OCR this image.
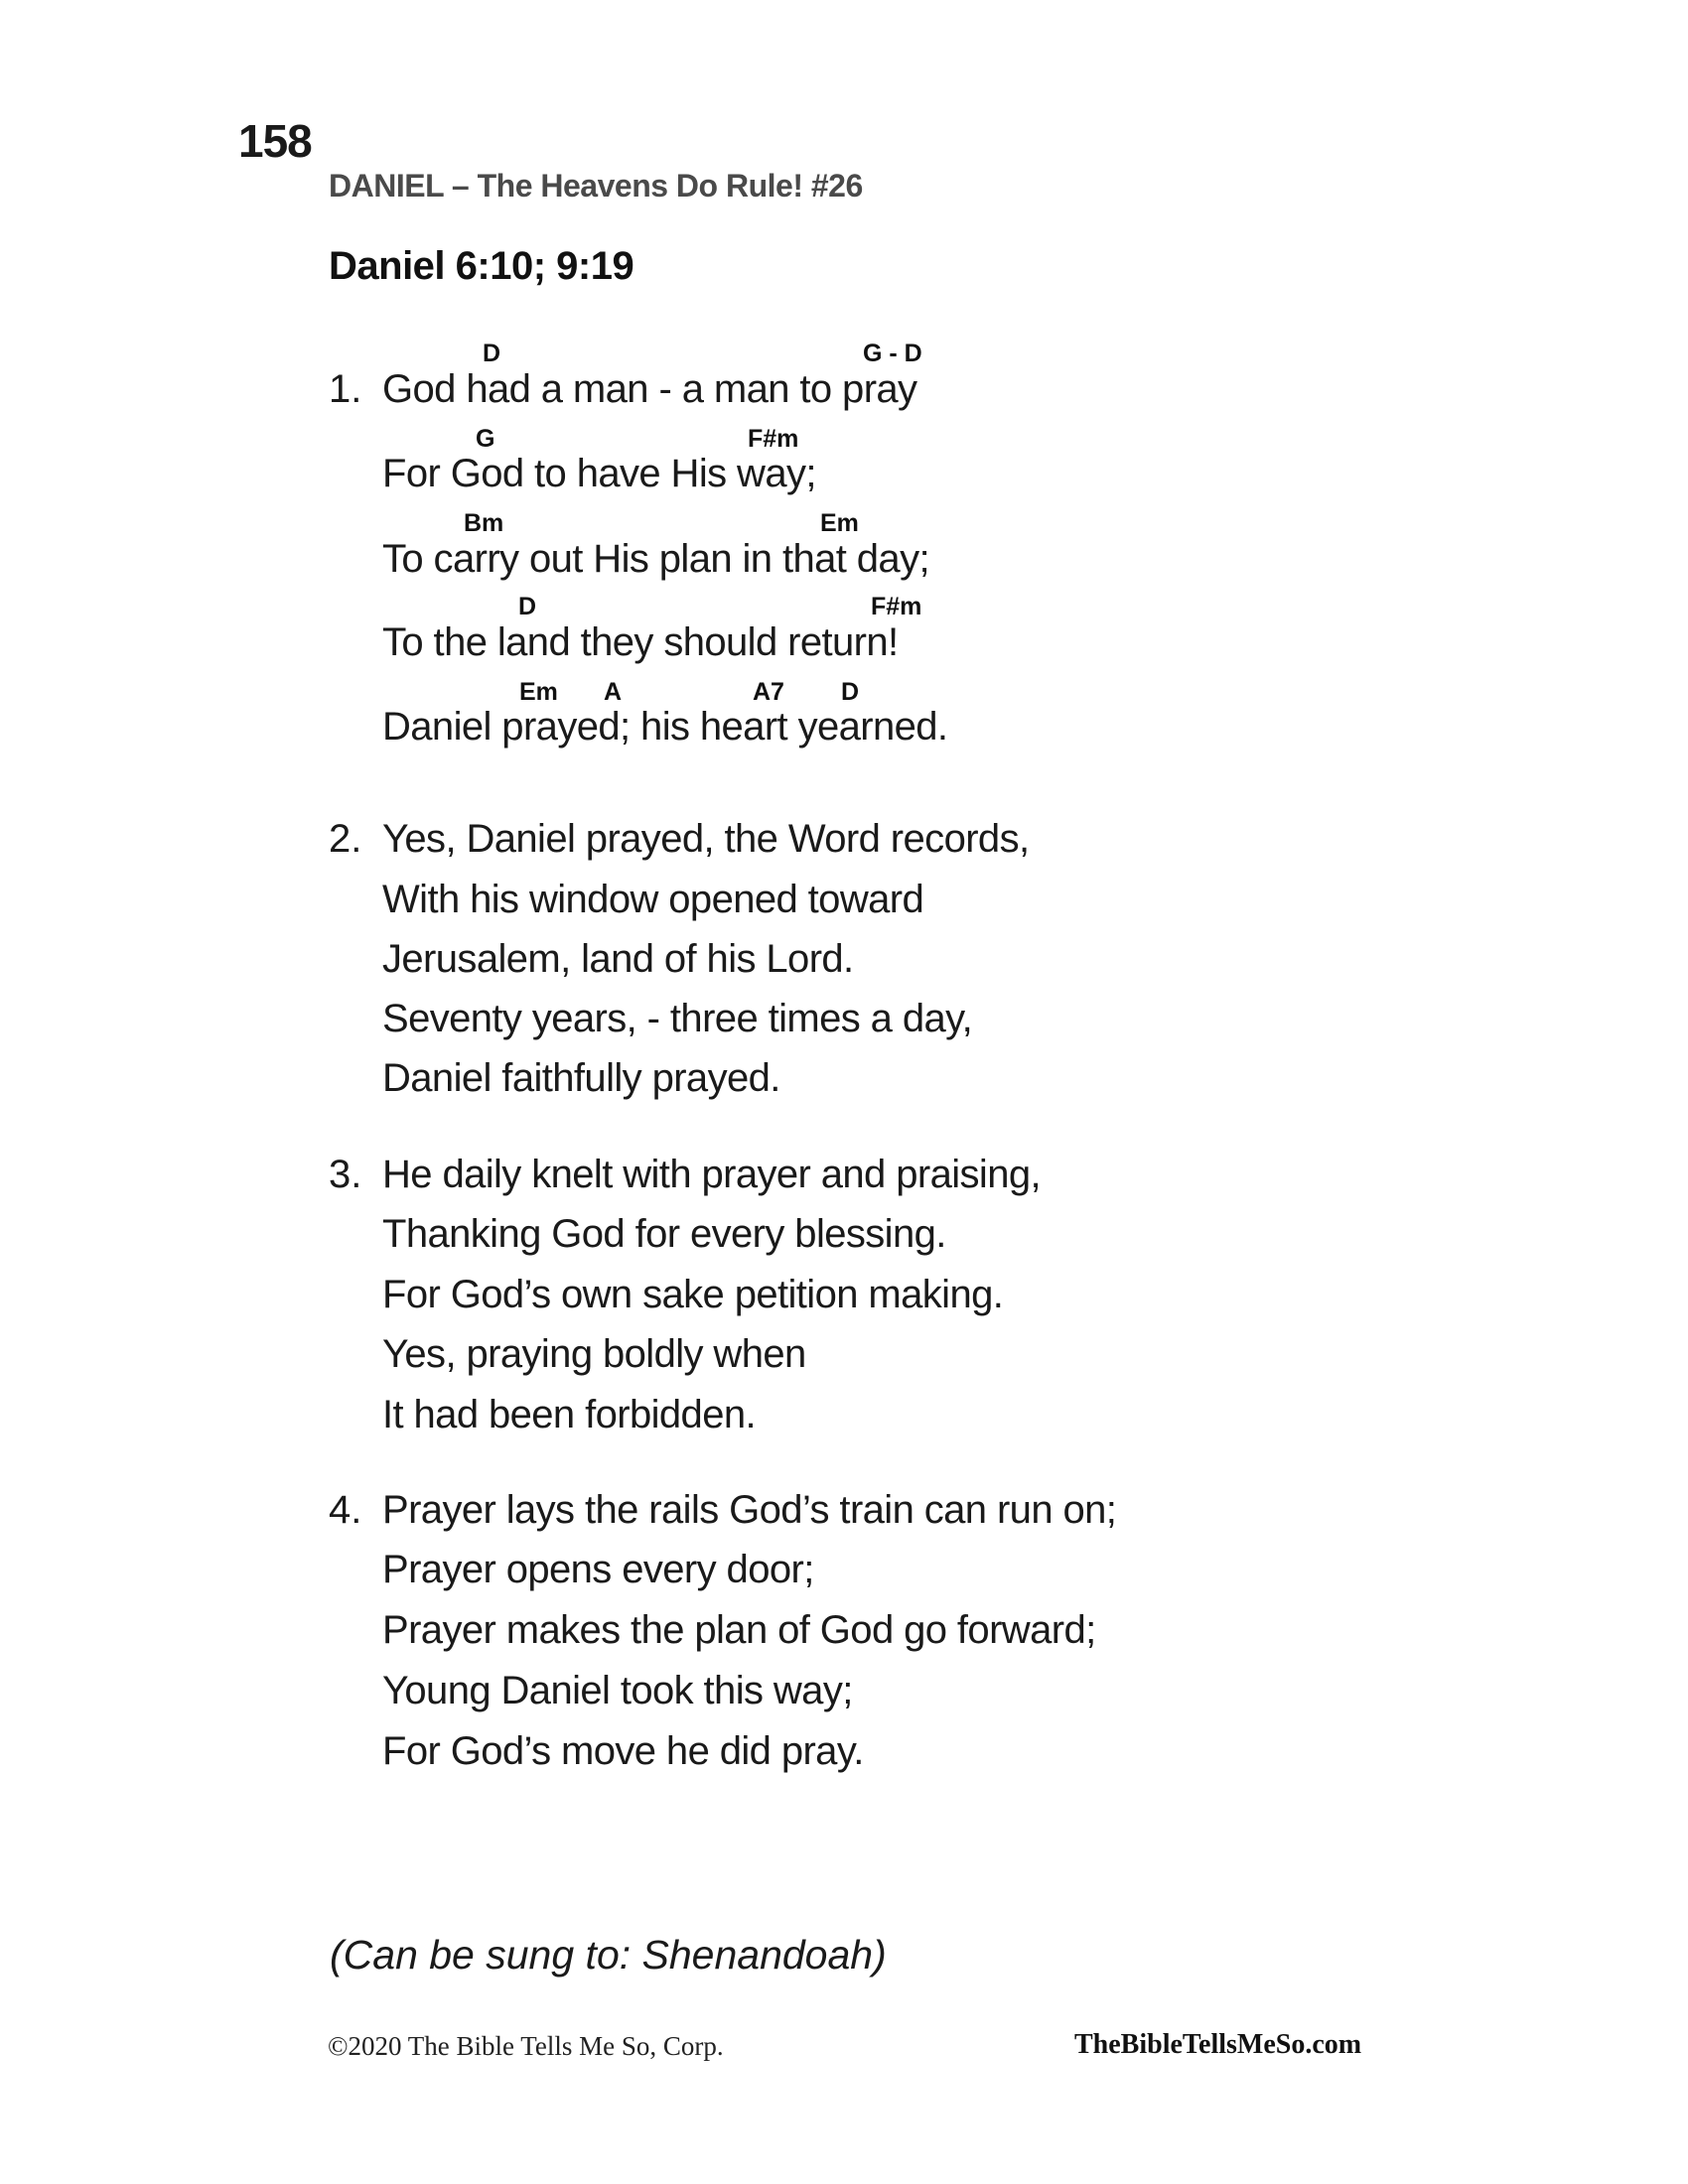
158
DANIEL – The Heavens Do Rule! #26
Daniel 6:10; 9:19
1.
D	G - D
God had a man - a man to pray
G	F#m
For God to have His way;
Bm	Em
To carry out His plan in that day;
D	F#m
To the land they should return!
Em A	A7 D
Daniel prayed; his heart yearned.
2. Yes, Daniel prayed, the Word records,
With his window opened toward
Jerusalem, land of his Lord.
Seventy years, - three times a day,
Daniel faithfully prayed.
3. He daily knelt with prayer and praising,
Thanking God for every blessing.
For God’s own sake petition making.
Yes, praying boldly when
It had been forbidden.
4. Prayer lays the rails God’s train can run on;
Prayer opens every door;
Prayer makes the plan of God go forward;
Young Daniel took this way;
For God’s move he did pray.
(Can be sung to: Shenandoah)
©2020 The Bible Tells Me So, Corp.	TheBibleTellsMeSo.com
